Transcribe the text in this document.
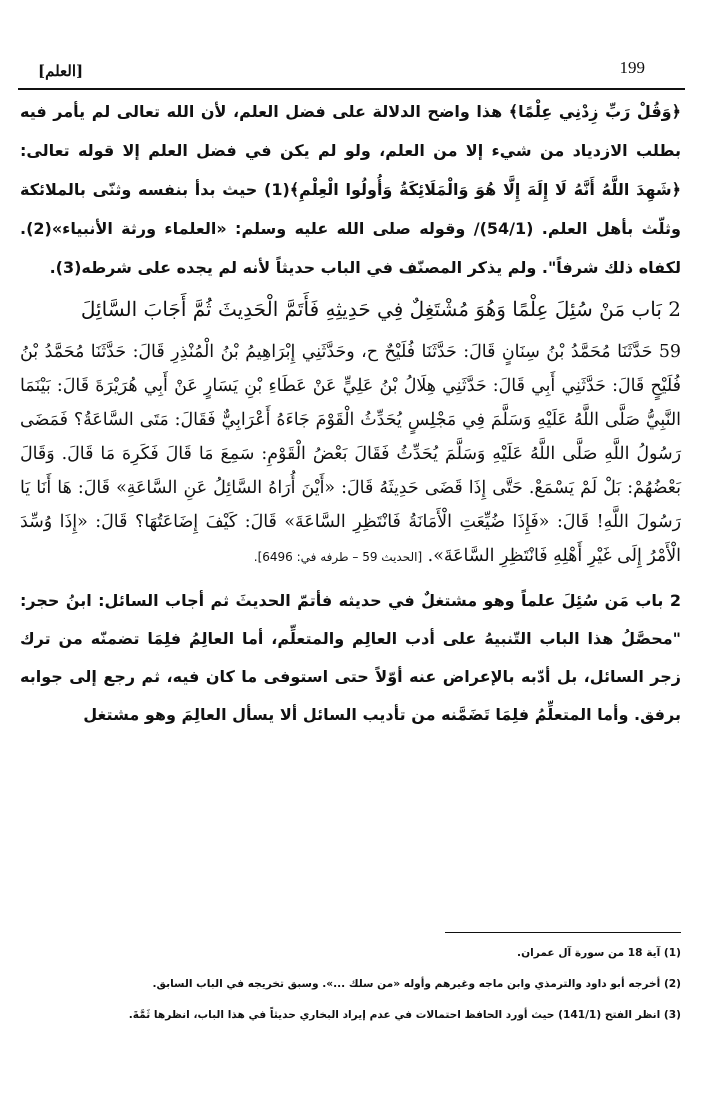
199
[العلم]

﴿وَقُلْ رَبِّ زِدْنِي عِلْمًا﴾ هذا واضح الدلالة على فضل العلم، لأن الله تعالى لم يأمر فيه بطلب الازدياد من شيء إلا من العلم، ولو لم يكن في فضل العلم إلا قوله تعالى: ﴿شَهِدَ اللَّهُ أَنَّهُ لَا إِلَهَ إِلَّا هُوَ وَالْمَلَائِكَةُ وَأُولُوا الْعِلْمِ﴾(1) حيث بدأ بنفسه وثنّى بالملائكة وثلّث بأهل العلم. (54/1)/ وقوله صلى الله عليه وسلم: «العلماء ورثة الأنبياء»(2). لكفاه ذلك شرفاً". ولم يذكر المصنّف في الباب حديثاً لأنه لم يجده على شرطه(3).

2 بَاب مَنْ سُئِلَ عِلْمًا وَهُوَ مُشْتَغِلٌ فِي حَدِيثِهِ فَأَتَمَّ الْحَدِيثَ ثُمَّ أَجَابَ السَّائِلَ

59 حَدَّثَنَا مُحَمَّدُ بْنُ سِنَانٍ قَالَ: حَدَّثَنَا فُلَيْحٌ ح، وحَدَّثَنِي إِبْرَاهِيمُ بْنُ الْمُنْذِرِ قَالَ: حَدَّثَنَا مُحَمَّدُ بْنُ فُلَيْحٍ قَالَ: حَدَّثَنِي أَبِي قَالَ: حَدَّثَنِي هِلَالُ بْنُ عَلِيٍّ عَنْ عَطَاءِ بْنِ يَسَارٍ عَنْ أَبِي هُرَيْرَةَ قَالَ: بَيْنَمَا النَّبِيُّ صَلَّى اللَّهُ عَلَيْهِ وَسَلَّمَ فِي مَجْلِسٍ يُحَدِّثُ الْقَوْمَ جَاءَهُ أَعْرَابِيٌّ فَقَالَ: مَتَى السَّاعَةُ؟ فَمَضَى رَسُولُ اللَّهِ صَلَّى اللَّهُ عَلَيْهِ وَسَلَّمَ يُحَدِّثُ فَقَالَ بَعْضُ الْقَوْمِ: سَمِعَ مَا قَالَ فَكَرِهَ مَا قَالَ. وَقَالَ بَعْضُهُمْ: بَلْ لَمْ يَسْمَعْ. حَتَّى إِذَا قَضَى حَدِيثَهُ قَالَ: «أَيْنَ أُرَاهُ السَّائِلُ عَنِ السَّاعَةِ» قَالَ: هَا أَنَا يَا رَسُولَ اللَّهِ! قَالَ: «فَإِذَا ضُيِّعَتِ الْأَمَانَةُ فَانْتَظِرِ السَّاعَةَ» قَالَ: كَيْفَ إِضَاعَتُهَا؟ قَالَ: «إِذَا وُسِّدَ الْأَمْرُ إِلَى غَيْرِ أَهْلِهِ فَانْتَظِرِ السَّاعَةَ». [الحديث 59 – طرفه في: 6496].

2 باب مَن سُئِلَ علماً وهو مشتغلٌ في حديثه فأتمّ الحديثَ ثم أجاب السائل: ابنُ حجر: "محصَّلُ هذا الباب التّنبيهُ على أدب العالِم والمتعلِّم، أما العالِمُ فلِمَا تضمنّه من ترك زجر السائل، بل أدّبه بالإعراض عنه أوّلاً حتى استوفى ما كان فيه، ثم رجع إلى جوابه برفق. وأما المتعلِّمُ فلِمَا تَضَمَّنه من تأديب السائل ألا يسأل العالِمَ وهو مشتغل

(1) آية 18 من سورة آل عمران.

(2) أخرجه أبو داود والترمذي وابن ماجه وغيرهم وأوله «من سلك ...». وسبق تخريجه في الباب السابق.

(3) انظر الفتح (141/1) حيث أورد الحافظ احتمالات في عدم إيراد البخاري حديثاً في هذا الباب، انظرها ثَمَّةَ.
